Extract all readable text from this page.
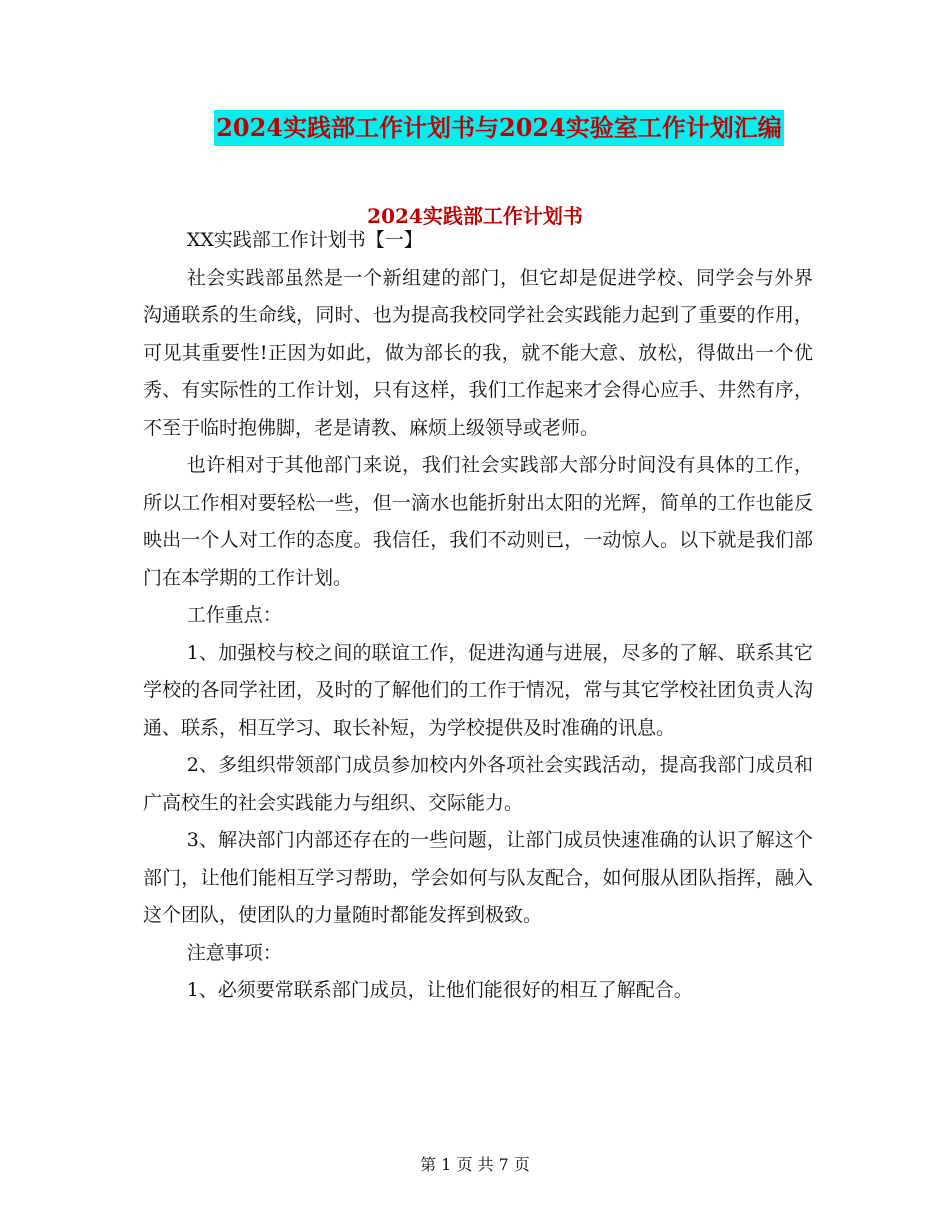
2024实践部工作计划书与2024实验室工作计划汇编
2024实践部工作计划书

XX实践部工作计划书【一】

社会实践部虽然是一个新组建的部门，但它却是促进学校、同学会与外界沟通联系的生命线，同时、也为提高我校同学社会实践能力起到了重要的作用，可见其重要性!正因为如此，做为部长的我，就不能大意、放松，得做出一个优秀、有实际性的工作计划，只有这样，我们工作起来才会得心应手、井然有序，不至于临时抱佛脚，老是请教、麻烦上级领导或老师。

也许相对于其他部门来说，我们社会实践部大部分时间没有具体的工作，所以工作相对要轻松一些，但一滴水也能折射出太阳的光辉，简单的工作也能反映出一个人对工作的态度。我信任，我们不动则已，一动惊人。以下就是我们部门在本学期的工作计划。

工作重点：

1、加强校与校之间的联谊工作，促进沟通与进展，尽多的了解、联系其它学校的各同学社团，及时的了解他们的工作于情况，常与其它学校社团负责人沟通、联系，相互学习、取长补短，为学校提供及时准确的讯息。

2、多组织带领部门成员参加校内外各项社会实践活动，提高我部门成员和广高校生的社会实践能力与组织、交际能力。

3、解决部门内部还存在的一些问题，让部门成员快速准确的认识了解这个部门，让他们能相互学习帮助，学会如何与队友配合，如何服从团队指挥，融入这个团队，使团队的力量随时都能发挥到极致。

注意事项：

1、必须要常联系部门成员，让他们能很好的相互了解配合。

第 1 页 共 7 页
